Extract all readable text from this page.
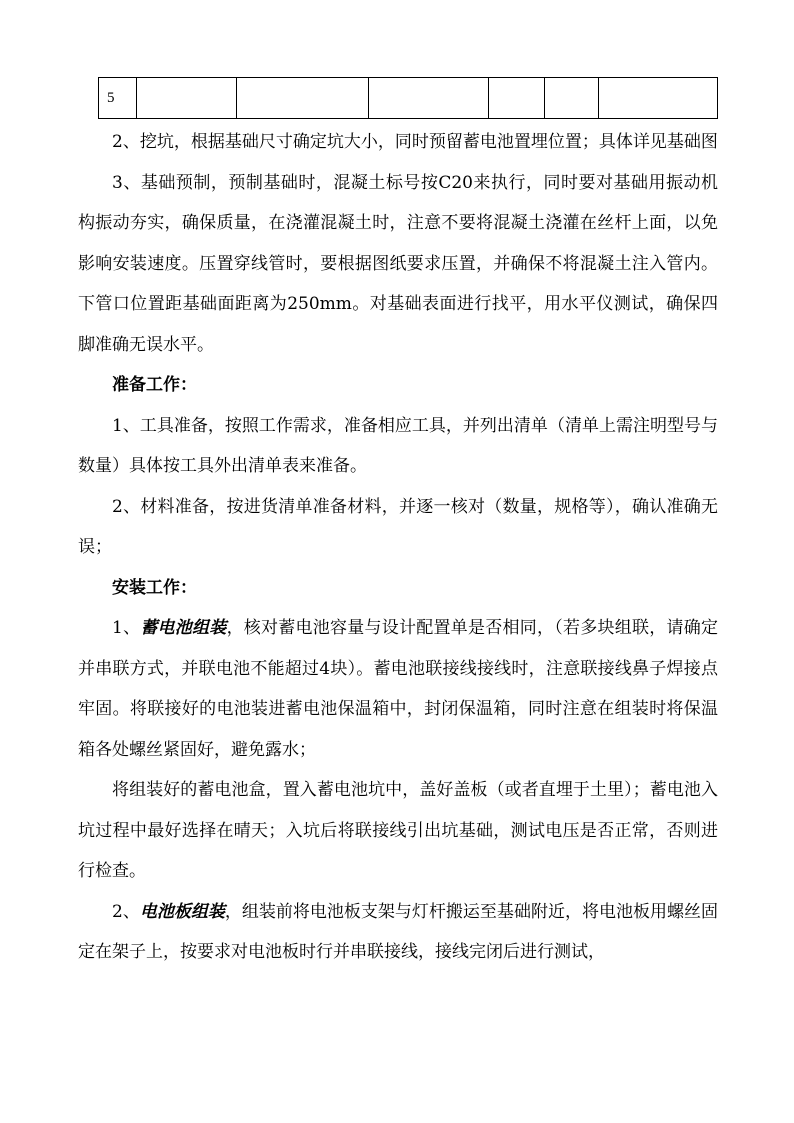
5						

2、挖坑，根据基础尺寸确定坑大小，同时预留蓄电池置埋位置；具体详见基础图

3、基础预制，预制基础时，混凝土标号按C20来执行，同时要对基础用振动机构振动夯实，确保质量，在浇灌混凝土时，注意不要将混凝土浇灌在丝杆上面，以免影响安装速度。压置穿线管时，要根据图纸要求压置，并确保不将混凝土注入管内。下管口位置距基础面距离为250mm。对基础表面进行找平，用水平仪测试，确保四脚准确无误水平。

准备工作：

1、工具准备，按照工作需求，准备相应工具，并列出清单（清单上需注明型号与数量）具体按工具外出清单表来准备。

2、材料准备，按进货清单准备材料，并逐一核对（数量，规格等），确认准确无误；

安装工作：

1、蓄电池组装，核对蓄电池容量与设计配置单是否相同，（若多块组联，请确定并串联方式，并联电池不能超过4块）。蓄电池联接线接线时，注意联接线鼻子焊接点牢固。将联接好的电池装进蓄电池保温箱中，封闭保温箱，同时注意在组装时将保温箱各处螺丝紧固好，避免露水；

将组装好的蓄电池盒，置入蓄电池坑中，盖好盖板（或者直埋于土里）；蓄电池入坑过程中最好选择在晴天；入坑后将联接线引出坑基础，测试电压是否正常，否则进行检查。

2、电池板组装，组装前将电池板支架与灯杆搬运至基础附近，将电池板用螺丝固定在架子上，按要求对电池板时行并串联接线，接线完闭后进行测试，
